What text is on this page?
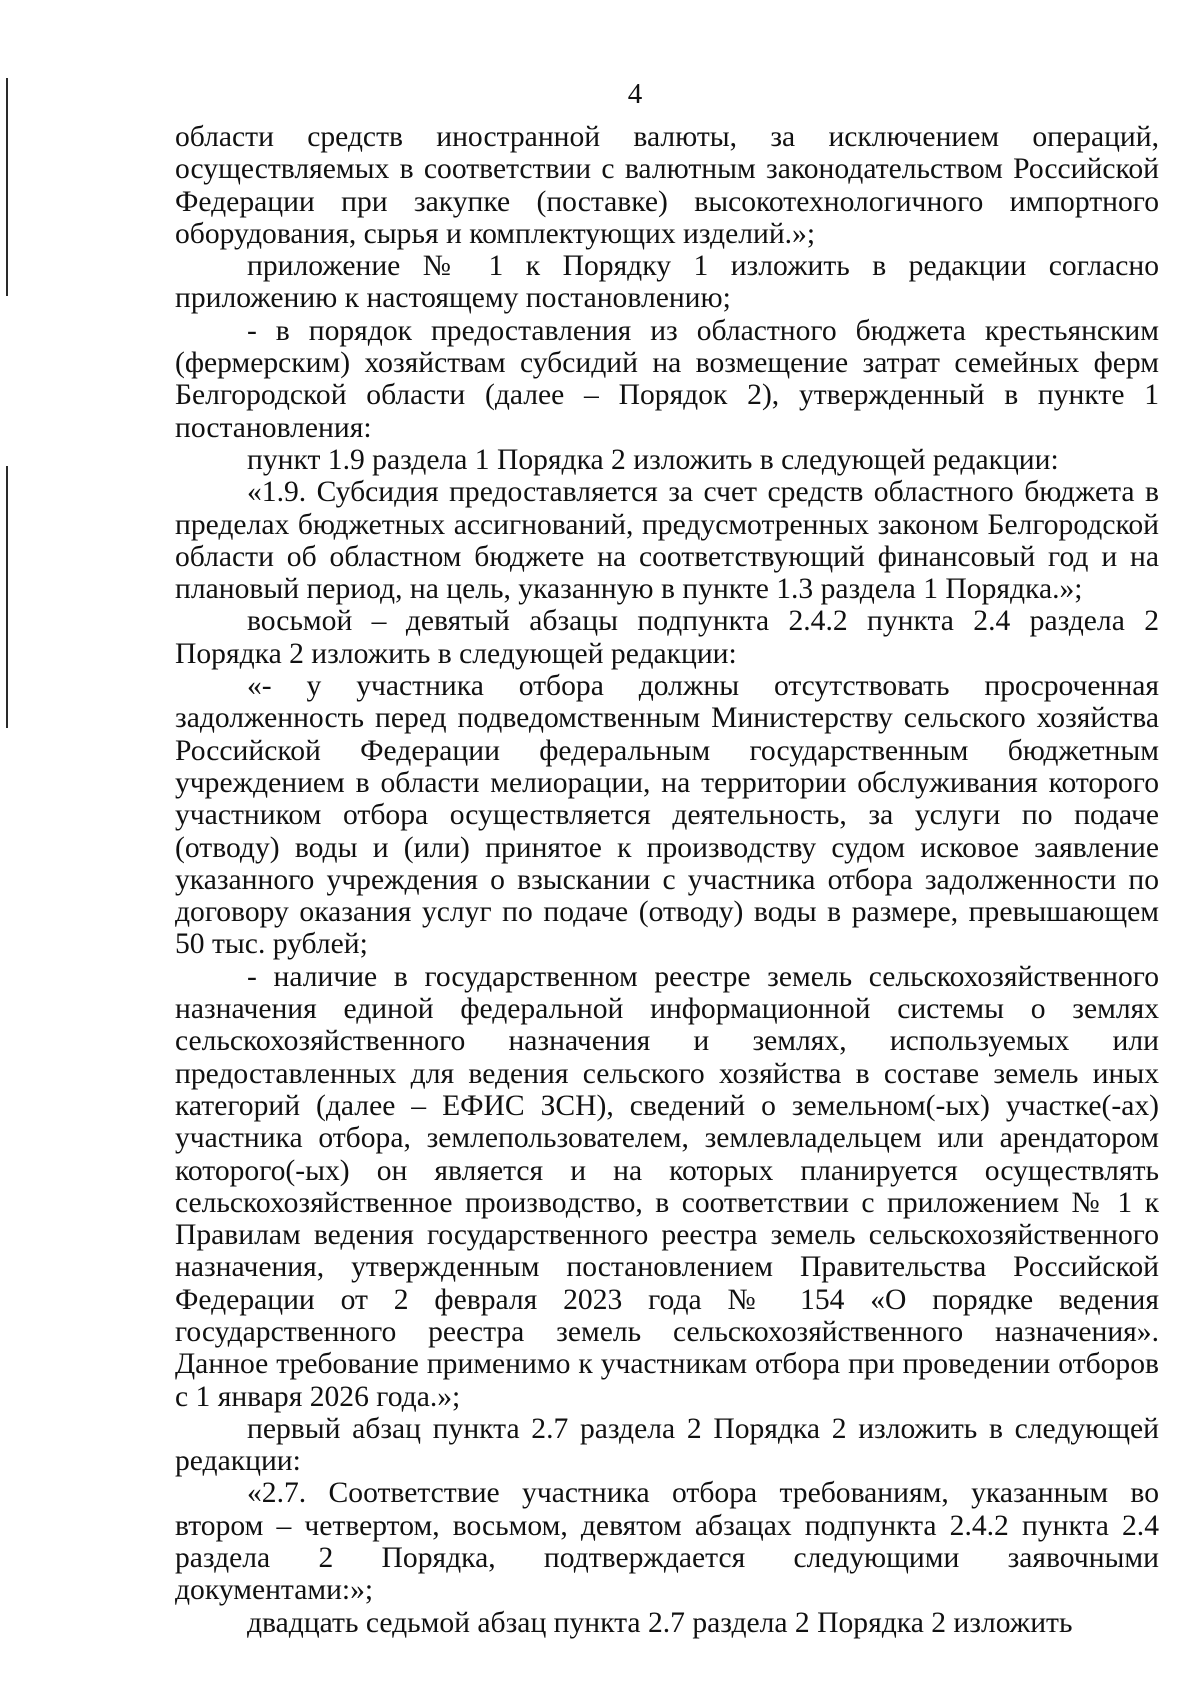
4

области средств иностранной валюты, за исключением операций, осуществляемых в соответствии с валютным законодательством Российской Федерации при закупке (поставке) высокотехнологичного импортного оборудования, сырья и комплектующих изделий.»;

приложение № 1 к Порядку 1 изложить в редакции согласно приложению к настоящему постановлению;

- в порядок предоставления из областного бюджета крестьянским (фермерским) хозяйствам субсидий на возмещение затрат семейных ферм Белгородской области (далее – Порядок 2), утвержденный в пункте 1 постановления:

пункт 1.9 раздела 1 Порядка 2 изложить в следующей редакции:

«1.9. Субсидия предоставляется за счет средств областного бюджета в пределах бюджетных ассигнований, предусмотренных законом Белгородской области об областном бюджете на соответствующий финансовый год и на плановый период, на цель, указанную в пункте 1.3 раздела 1 Порядка.»;

восьмой – девятый абзацы подпункта 2.4.2 пункта 2.4 раздела 2 Порядка 2 изложить в следующей редакции:

«- у участника отбора должны отсутствовать просроченная задолженность перед подведомственным Министерству сельского хозяйства Российской Федерации федеральным государственным бюджетным учреждением в области мелиорации, на территории обслуживания которого участником отбора осуществляется деятельность, за услуги по подаче (отводу) воды и (или) принятое к производству судом исковое заявление указанного учреждения о взыскании с участника отбора задолженности по договору оказания услуг по подаче (отводу) воды в размере, превышающем 50 тыс. рублей;

- наличие в государственном реестре земель сельскохозяйственного назначения единой федеральной информационной системы о землях сельскохозяйственного назначения и землях, используемых или предоставленных для ведения сельского хозяйства в составе земель иных категорий (далее – ЕФИС ЗСН), сведений о земельном(-ых) участке(-ах) участника отбора, землепользователем, землевладельцем или арендатором которого(-ых) он является и на которых планируется осуществлять сельскохозяйственное производство, в соответствии с приложением № 1 к Правилам ведения государственного реестра земель сельскохозяйственного назначения, утвержденным постановлением Правительства Российской Федерации от 2 февраля 2023 года № 154 «О порядке ведения государственного реестра земель сельскохозяйственного назначения». Данное требование применимо к участникам отбора при проведении отборов с 1 января 2026 года.»;

первый абзац пункта 2.7 раздела 2 Порядка 2 изложить в следующей редакции:

«2.7. Соответствие участника отбора требованиям, указанным во втором – четвертом, восьмом, девятом абзацах подпункта 2.4.2 пункта 2.4 раздела 2 Порядка, подтверждается следующими заявочными документами:»;

двадцать седьмой абзац пункта 2.7 раздела 2 Порядка 2 изложить
